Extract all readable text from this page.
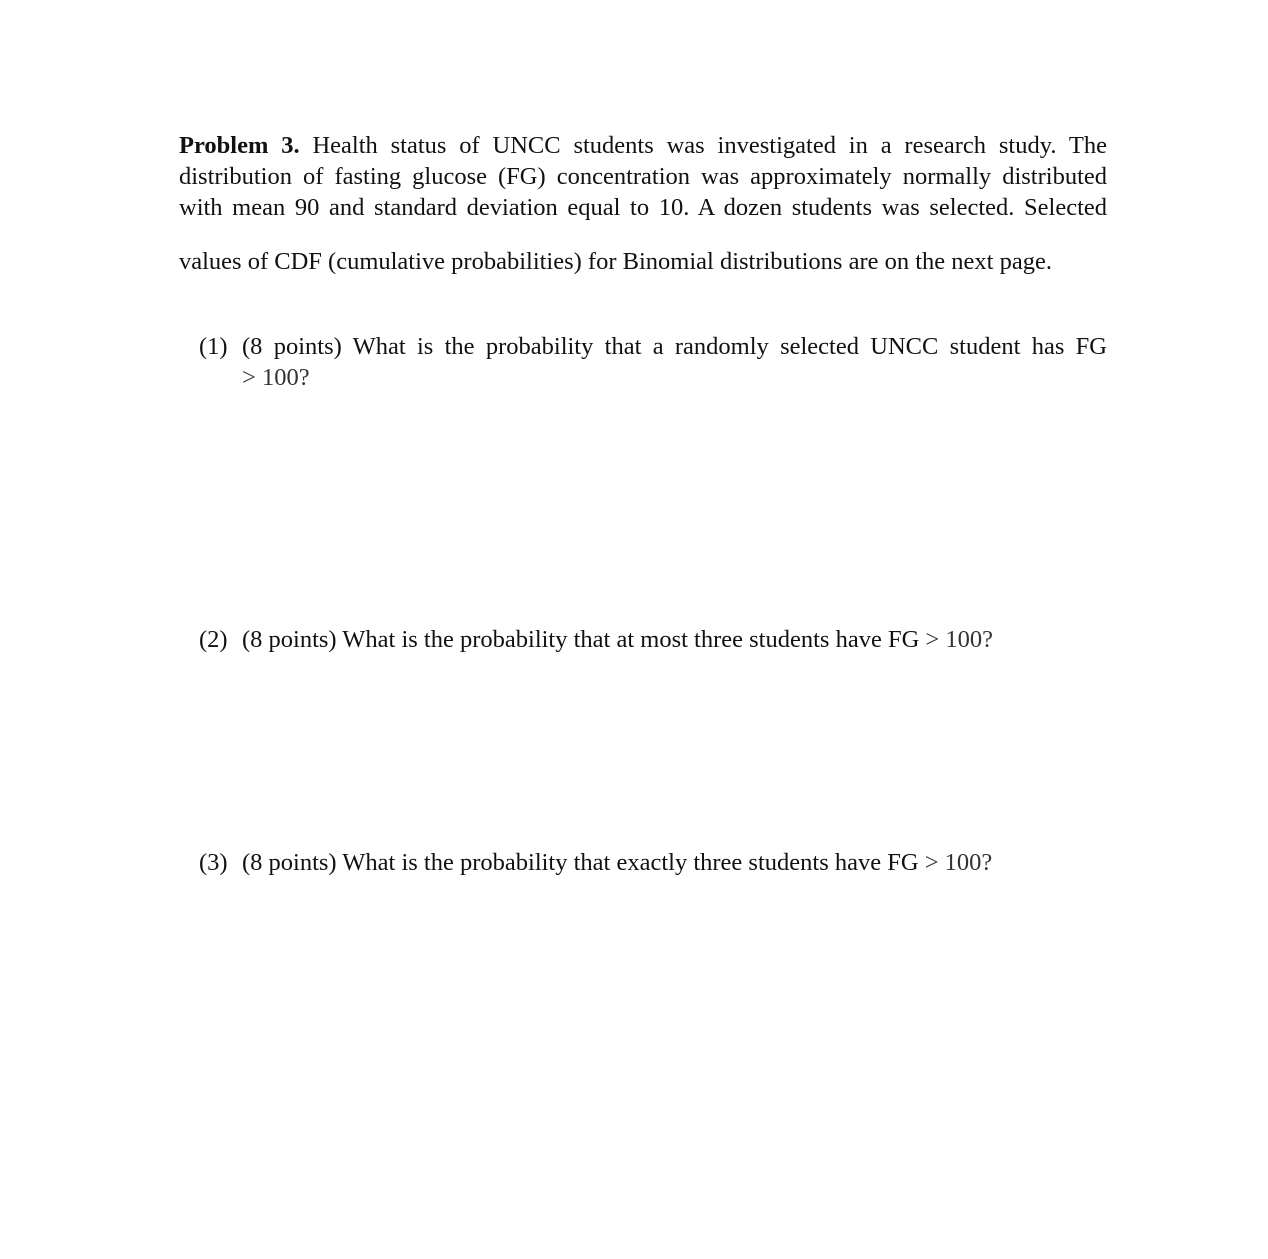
Problem 3. Health status of UNCC students was investigated in a research study. The
distribution of fasting glucose (FG) concentration was approximately normally distributed
with mean 90 and standard deviation equal to 10. A dozen students was selected. Selected
values of CDF (cumulative probabilities) for Binomial distributions are on the next page.
(1) (8 points) What is the probability that a randomly selected UNCC student has FG
> 100?
(2) (8 points) What is the probability that at most three students have FG > 100?
(3) (8 points) What is the probability that exactly three students have FG > 100?
